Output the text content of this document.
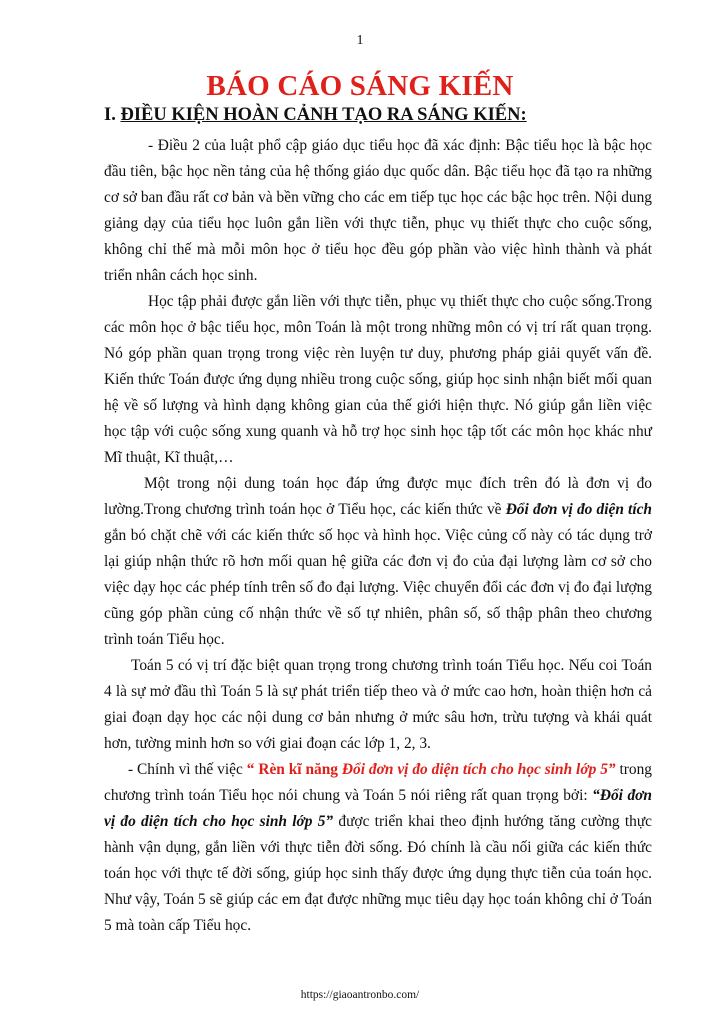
1
BÁO CÁO SÁNG KIẾN
I. ĐIỀU KIỆN HOÀN CẢNH TẠO RA SÁNG KIẾN:

- Điều 2 của luật phổ cập giáo dục tiểu học đã xác định: Bậc tiểu học là bậc học đầu tiên, bậc học nền tảng của hệ thống giáo dục quốc dân. Bậc tiểu học đã tạo ra những cơ sở ban đầu rất cơ bản và bền vững cho các em tiếp tục học các bậc học trên. Nội dung giảng dạy của tiểu học luôn gắn liền với thực tiễn, phục vụ thiết thực cho cuộc sống, không chỉ thế mà mỗi môn học ở tiểu học đều góp phần vào việc hình thành và phát triển nhân cách học sinh.

Học tập phải được gắn liền với thực tiễn, phục vụ thiết thực cho cuộc sống.Trong các môn học ở bậc tiểu học, môn Toán là một trong những môn có vị trí rất quan trọng. Nó góp phần quan trọng trong việc rèn luyện tư duy, phương pháp giải quyết vấn đề. Kiến thức Toán được ứng dụng nhiều trong cuộc sống, giúp học sinh nhận biết mối quan hệ về số lượng và hình dạng không gian của thế giới hiện thực. Nó giúp gắn liền việc học tập với cuộc sống xung quanh và hỗ trợ học sinh học tập tốt các môn học khác như Mĩ thuật, Kĩ thuật,…

Một trong nội dung toán học đáp ứng được mục đích trên đó là đơn vị đo lường.Trong chương trình toán học ở Tiểu học, các kiến thức về Đổi đơn vị đo diện tích gắn bó chặt chẽ với các kiến thức số học và hình học. Việc củng cố này có tác dụng trở lại giúp nhận thức rõ hơn mối quan hệ giữa các đơn vị đo của đại lượng làm cơ sở cho việc dạy học các phép tính trên số đo đại lượng. Việc chuyển đổi các đơn vị đo đại lượng cũng góp phần củng cố nhận thức về số tự nhiên, phân số, số thập phân theo chương trình toán Tiểu học.

Toán 5 có vị trí đặc biệt quan trọng trong chương trình toán Tiểu học. Nếu coi Toán 4 là sự mở đầu thì Toán 5 là sự phát triển tiếp theo và ở mức cao hơn, hoàn thiện hơn cả giai đoạn dạy học các nội dung cơ bản nhưng ở mức sâu hơn, trừu tượng và khái quát hơn, tường minh hơn so với giai đoạn các lớp 1, 2, 3.

- Chính vì thế việc “ Rèn kĩ năng Đổi đơn vị đo diện tích cho học sinh lớp 5” trong chương trình toán Tiểu học nói chung và Toán 5 nói riêng rất quan trọng bởi: “Đổi đơn vị đo diện tích cho học sinh lớp 5” được triển khai theo định hướng tăng cường thực hành vận dụng, gắn liền với thực tiễn đời sống. Đó chính là cầu nối giữa các kiến thức toán học với thực tế đời sống, giúp học sinh thấy được ứng dụng thực tiễn của toán học. Như vậy, Toán 5 sẽ giúp các em đạt được những mục tiêu dạy học toán không chỉ ở Toán 5 mà toàn cấp Tiểu học.

https://giaoantronbo.com/
